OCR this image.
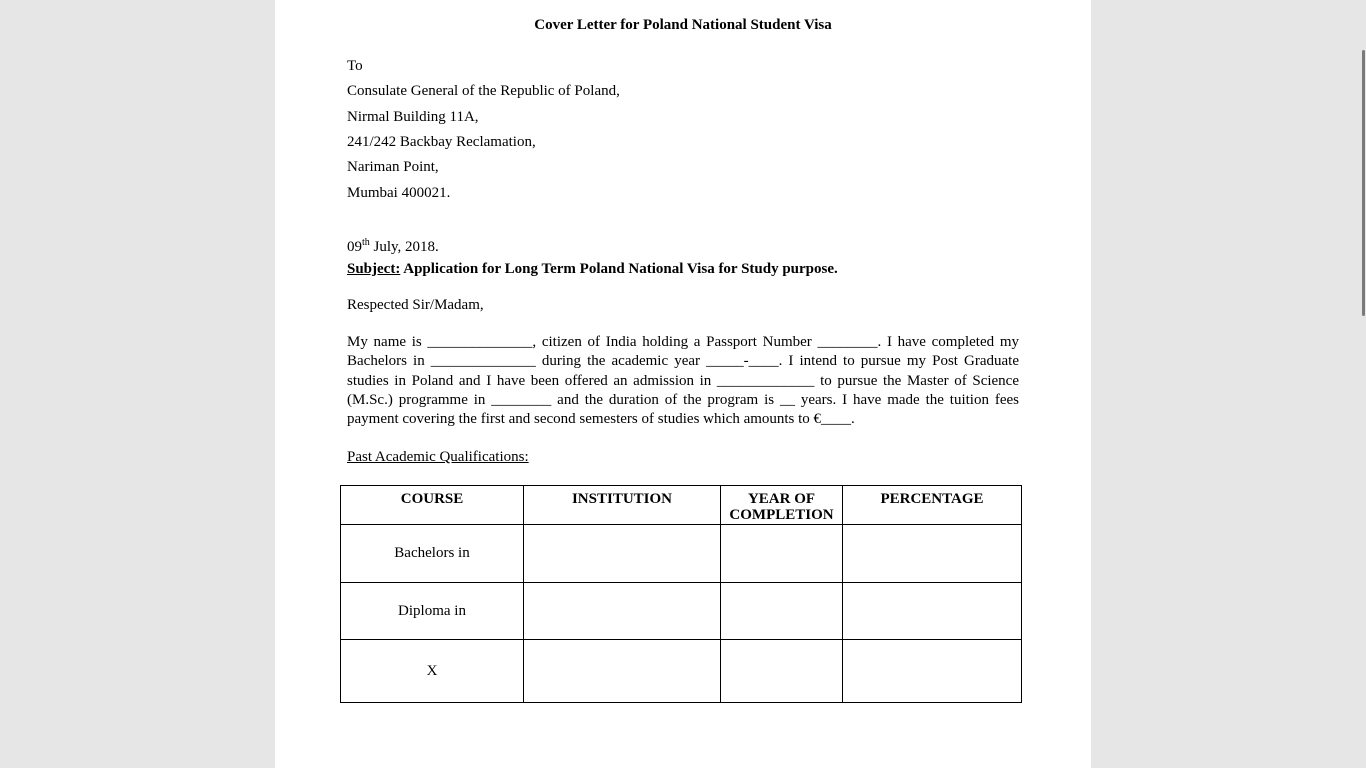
Cover Letter for Poland National Student Visa
To
Consulate General of the Republic of Poland,
Nirmal Building 11A,
241/242 Backbay Reclamation,
Nariman Point,
Mumbai 400021.
09th July, 2018.
Subject: Application for Long Term Poland National Visa for Study purpose.
Respected Sir/Madam,
My name is ______________, citizen of India holding a Passport Number ________. I have completed my Bachelors in ______________ during the academic year _____-____. I intend to pursue my Post Graduate studies in Poland and I have been offered an admission in _____________ to pursue the Master of Science (M.Sc.) programme in ________ and the duration of the program is __ years. I have made the tuition fees payment covering the first and second semesters of studies which amounts to €____.
Past Academic Qualifications:
COURSE	INSTITUTION	YEAR OF COMPLETION	PERCENTAGE
Bachelors in			
Diploma in			
X			
